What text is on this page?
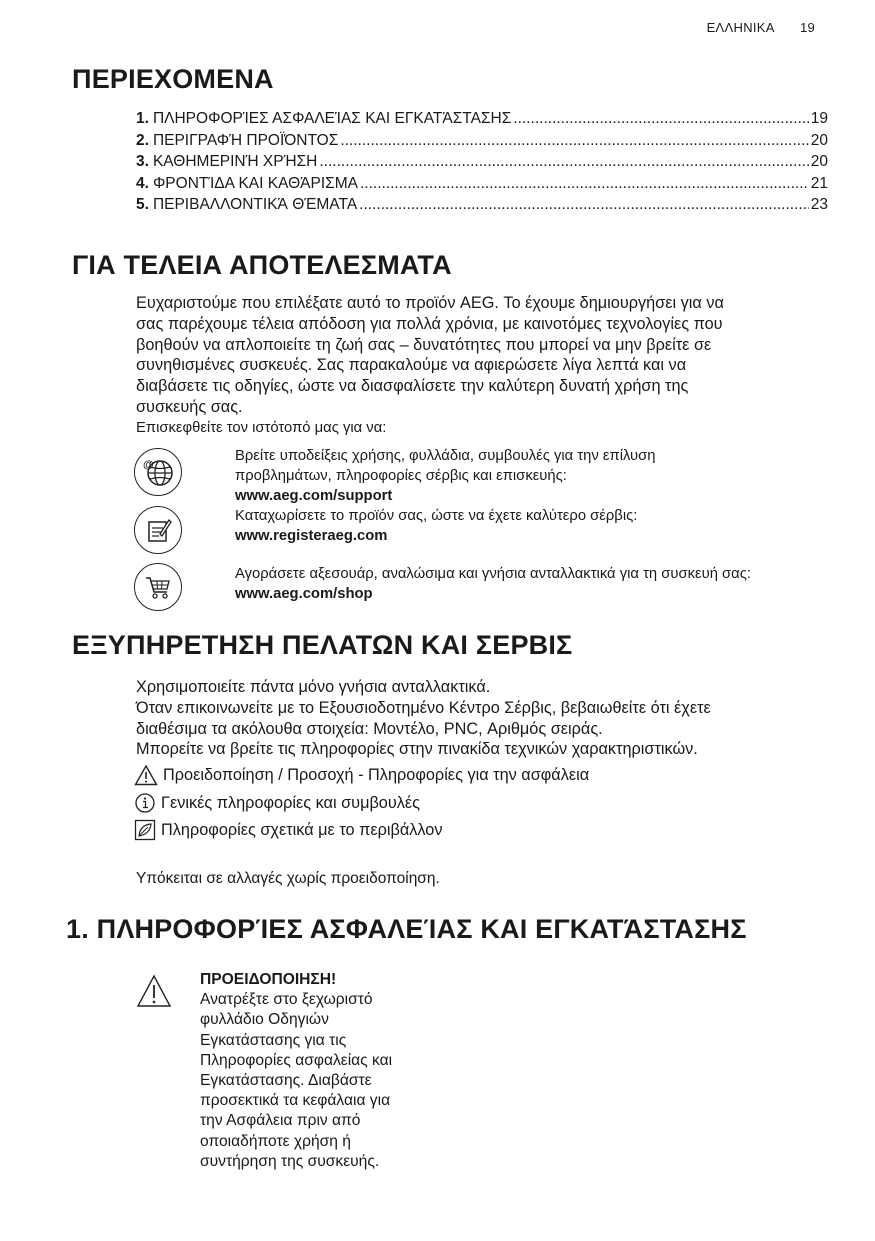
ΕΛΛΗΝΙΚΑ 19
ΠΕΡΙΕΧΟΜΕΝΑ
1. ΠΛΗΡΟΦΟΡΊΕΣ ΑΣΦΑΛΕΊΑΣ ΚΑΙ ΕΓΚΑΤΆΣΤΑΣΗΣ .....	19
2. ΠΕΡΙΓΡΑΦΉ ΠΡΟΪΌΝΤΟΣ .....	20
3. ΚΑΘΗΜΕΡΙΝΉ ΧΡΉΣΗ .....	20
4. ΦΡΟΝΤΊΔΑ ΚΑΙ ΚΑΘΆΡΙΣΜΑ .....	21
5. ΠΕΡΙΒΑΛΛΟΝΤΙΚΆ ΘΈΜΑΤΑ .....	23
ΓΙΑ ΤΕΛΕΙΑ ΑΠΟΤΕΛΕΣΜΑΤΑ
Ευχαριστούμε που επιλέξατε αυτό το προϊόν AEG. Το έχουμε δημιουργήσει για να
σας παρέχουμε τέλεια απόδοση για πολλά χρόνια, με καινοτόμες τεχνολογίες που
βοηθούν να απλοποιείτε τη ζωή σας – δυνατότητες που μπορεί να μην βρείτε σε
συνηθισμένες συσκευές. Σας παρακαλούμε να αφιερώσετε λίγα λεπτά και να
διαβάσετε τις οδηγίες, ώστε να διασφαλίσετε την καλύτερη δυνατή χρήση της
συσκευής σας.
Επισκεφθείτε τον ιστότοπό μας για να:
@
Βρείτε υποδείξεις χρήσης, φυλλάδια, συμβουλές για την επίλυση
προβλημάτων, πληροφορίες σέρβις και επισκευής:
www.aeg.com/support
Καταχωρίσετε το προϊόν σας, ώστε να έχετε καλύτερο σέρβις:
www.registeraeg.com
Αγοράσετε αξεσουάρ, αναλώσιμα και γνήσια ανταλλακτικά για τη συσκευή σας:
www.aeg.com/shop
ΕΞΥΠΗΡΕΤΗΣΗ ΠΕΛΑΤΩΝ ΚΑΙ ΣΕΡΒΙΣ
Χρησιμοποιείτε πάντα μόνο γνήσια ανταλλακτικά.
Όταν επικοινωνείτε με το Εξουσιοδοτημένο Κέντρο Σέρβις, βεβαιωθείτε ότι έχετε
διαθέσιμα τα ακόλουθα στοιχεία: Μοντέλο, PNC, Αριθμός σειράς.
Μπορείτε να βρείτε τις πληροφορίες στην πινακίδα τεχνικών χαρακτηριστικών.
Προειδοποίηση / Προσοχή - Πληροφορίες για την ασφάλεια
Γενικές πληροφορίες και συμβουλές
Πληροφορίες σχετικά με το περιβάλλον
Υπόκειται σε αλλαγές χωρίς προειδοποίηση.
1. ΠΛΗΡΟΦΟΡΊΕΣ ΑΣΦΑΛΕΊΑΣ ΚΑΙ ΕΓΚΑΤΆΣΤΑΣΗΣ
ΠΡΟΕΙΔΟΠΟΙΗΣΗ!
Ανατρέξτε στο ξεχωριστό
φυλλάδιο Οδηγιών
Εγκατάστασης για τις
Πληροφορίες ασφαλείας και
Εγκατάστασης. Διαβάστε
προσεκτικά τα κεφάλαια για
την Ασφάλεια πριν από
οποιαδήποτε χρήση ή
συντήρηση της συσκευής.
